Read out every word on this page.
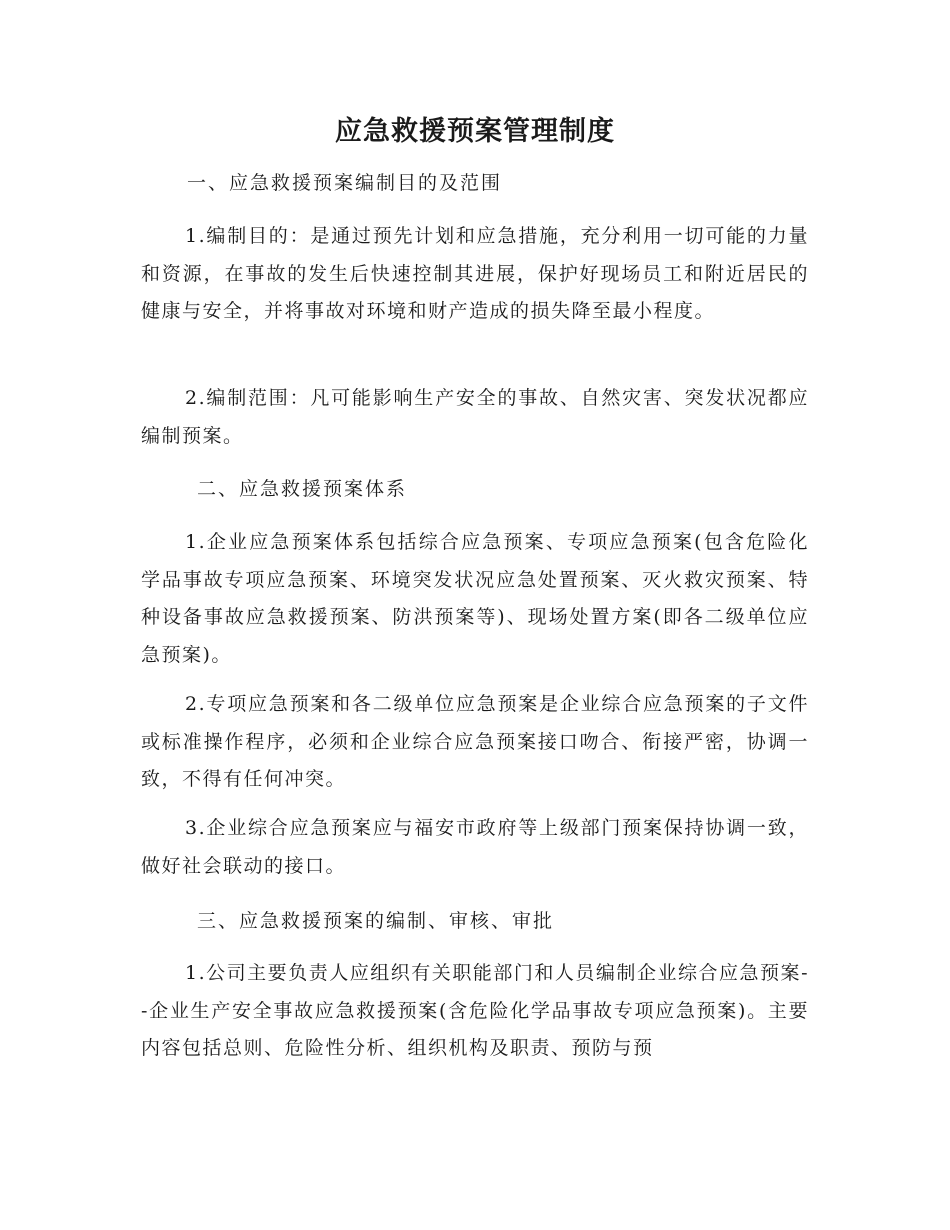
应急救援预案管理制度
一、应急救援预案编制目的及范围

1.编制目的：是通过预先计划和应急措施，充分利用一切可能的力量和资源，在事故的发生后快速控制其进展，保护好现场员工和附近居民的健康与安全，并将事故对环境和财产造成的损失降至最小程度。

2.编制范围：凡可能影响生产安全的事故、自然灾害、突发状况都应编制预案。

二、应急救援预案体系

1.企业应急预案体系包括综合应急预案、专项应急预案(包含危险化学品事故专项应急预案、环境突发状况应急处置预案、灭火救灾预案、特种设备事故应急救援预案、防洪预案等)、现场处置方案(即各二级单位应急预案)。

2.专项应急预案和各二级单位应急预案是企业综合应急预案的子文件或标准操作程序，必须和企业综合应急预案接口吻合、衔接严密，协调一致，不得有任何冲突。

3.企业综合应急预案应与福安市政府等上级部门预案保持协调一致，做好社会联动的接口。

三、应急救援预案的编制、审核、审批

1.公司主要负责人应组织有关职能部门和人员编制企业综合应急预案--企业生产安全事故应急救援预案(含危险化学品事故专项应急预案)。主要内容包括总则、危险性分析、组织机构及职责、预防与预
